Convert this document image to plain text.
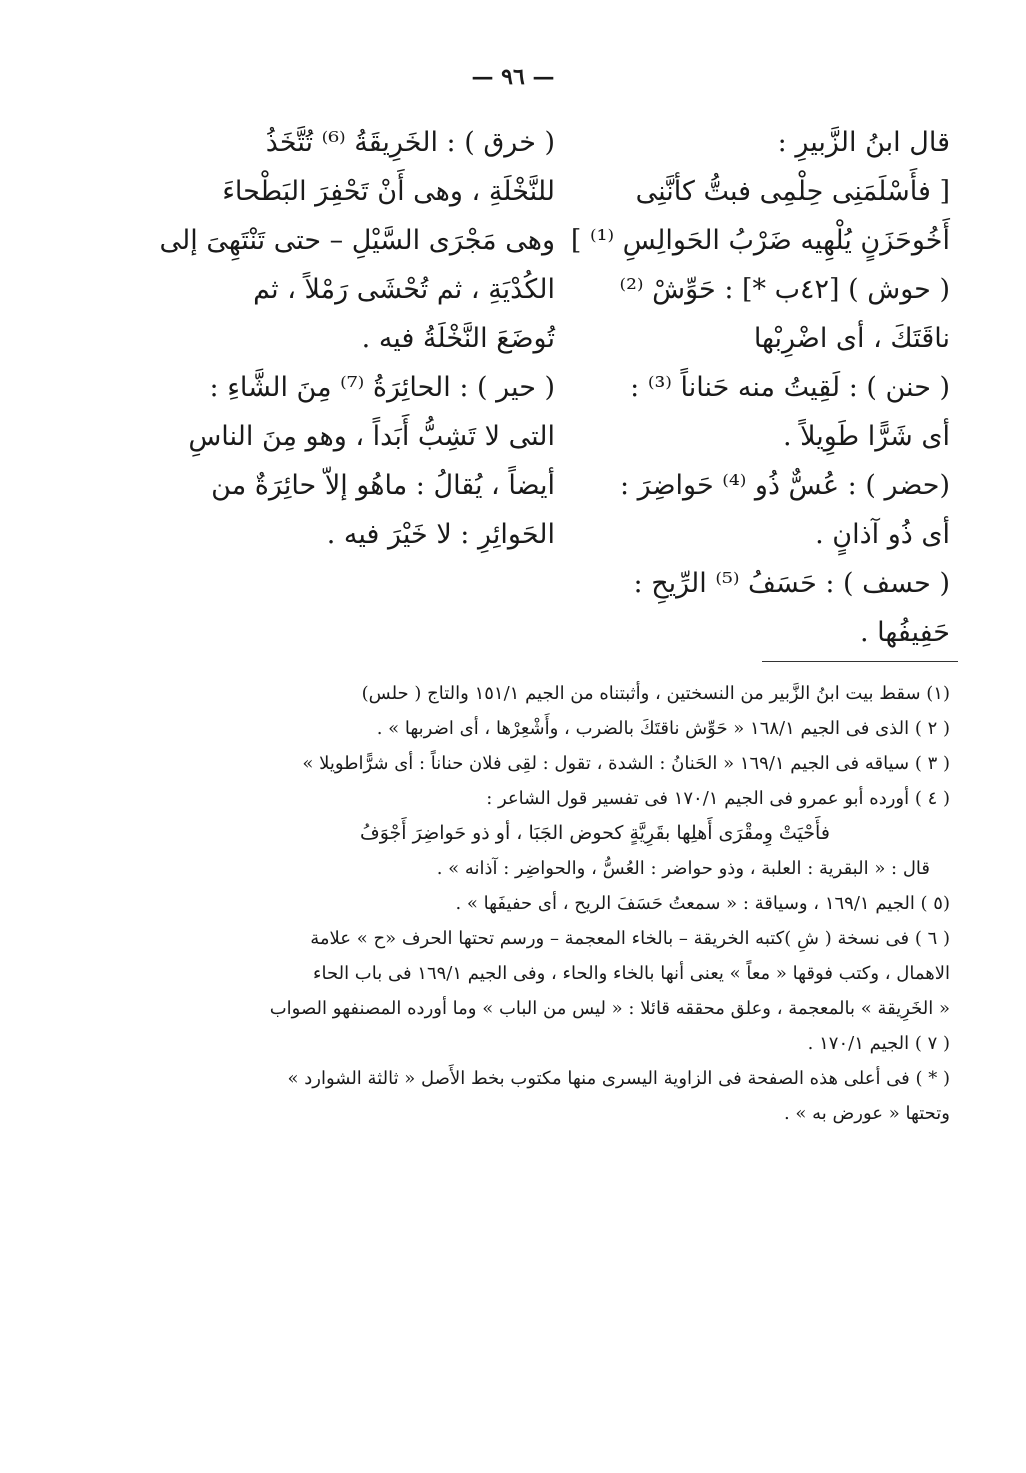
— ٩٦ —
قال ابنُ الزَّبيرِ :
[ فأَسْلَمَنِى حِلْمِى فبتُّ كأنَّنِى
أَخُوحَزَنٍ يُلْهِيه ضَرْبُ الحَوالِسِ ⁽¹⁾ ]
( حوش ) [٤٢ب *] : حَوِّشْ ⁽²⁾
ناقَتَكَ ، أى اضْرِبْها
( حنن ) : لَقِيتُ منه حَناناً ⁽³⁾ :
أى شَرًّا طَوِيلاً .
(حضر ) : عُسٌّ ذُو ⁽⁴⁾ حَواضِرَ :
أى ذُو آذانٍ .
( حسف ) : حَسَفُ ⁽⁵⁾ الرِّيحِ :
حَفِيفُها .
( خرق ) : الخَرِيقَةُ ⁽⁶⁾ تُتَّخَذُ
للنَّخْلَةِ ، وهى أَنْ تَحْفِرَ البَطْحاءَ
وهى مَجْرَى السَّيْلِ – حتى تَنْتَهِىَ إلى
الكُدْيَةِ ، ثم تُحْشَى رَمْلاً ، ثم
تُوضَعَ النَّخْلَةُ فيه .
( حير ) : الحائِرَةُ ⁽⁷⁾ مِنَ الشَّاءِ :
التى لا تَشِبُّ أَبَداً ، وهو مِنَ الناسِ
أيضاً ، يُقالُ : ماهُو إلاّ حائِرَةٌ من
الحَوائِرِ : لا خَيْرَ فيه .
(١) سقط بيت ابنُ الزَّبير من النسختين ، وأثبتناه من الجيم ١٥١/١ والتاج ( حلس)
( ٢ ) الذى فى الجيم ١٦٨/١ « حَوِّش ناقتَكَ بالضرب ، وأَشْعِرْها ، أى اضربها » .
( ٣ ) سياقه فى الجيم ١٦٩/١ « الحَنانُ : الشدة ، تقول : لقِى فلان حناناً : أى شرًّاطويلا »
( ٤ ) أورده أبو عمرو فى الجيم ١٧٠/١ فى تفسير قول الشاعر :
فأَحْيَتْ وِمقْرَى أَهلِها بقَرِيَّةٍ كحوض الجَبَا ، أو ذو حَواضِرَ أَجْوَفُ
قال : « البقرية : العلبة ، وذو حواضر : العُسُّ ، والحواضِر : آذانه » .
(٥ ) الجيم ١٦٩/١ ، وسياقة : « سمعتُ حَسَفَ الريح ، أى حفيفَها » .
( ٦ ) فى نسخة ( شِ )كتبه الخريقة – بالخاء المعجمة – ورسم تحتها الحرف «ح » علامة
الاهمال ، وكتب فوقها « معاً » يعنى أنها بالخاء والحاء ، وفى الجيم ١٦٩/١ فى باب الحاء
« الخَرِيقة » بالمعجمة ، وعلق محققه قائلا : « ليس من الباب » وما أورده المصنفهو الصواب
( ٧ ) الجيم ١٧٠/١ .
( * ) فى أعلى هذه الصفحة فى الزاوية اليسرى منها مكتوب بخط الأَصل « ثالثة الشوارد »
وتحتها « عورض به » .
